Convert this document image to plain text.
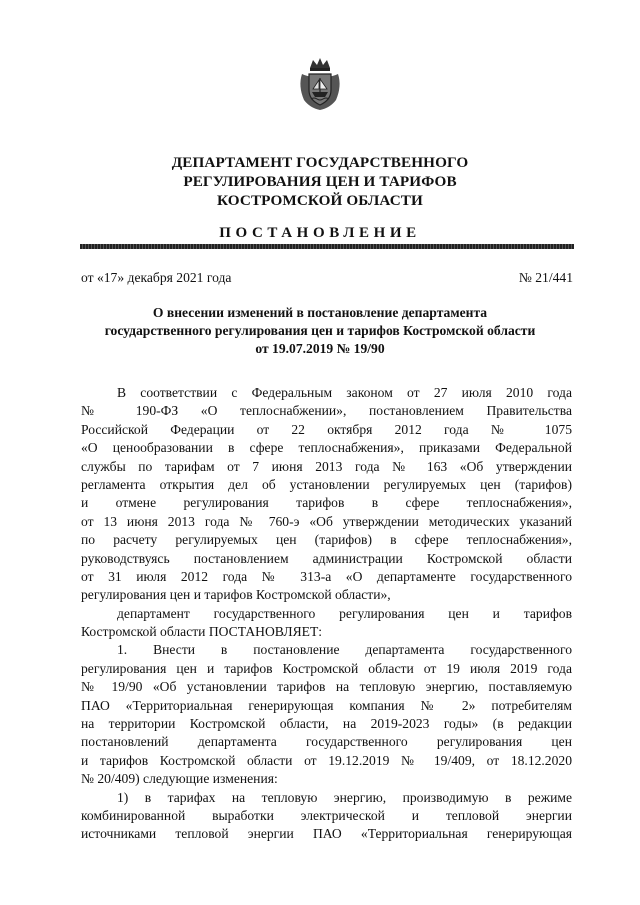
ДЕПАРТАМЕНТ ГОСУДАРСТВЕННОГО
РЕГУЛИРОВАНИЯ ЦЕН И ТАРИФОВ
КОСТРОМСКОЙ ОБЛАСТИ
ПОСТАНОВЛЕНИЕ
от «17» декабря 2021 года	№ 21/441
О внесении изменений в постановление департамента
государственного регулирования цен и тарифов Костромской области
от 19.07.2019 № 19/90
В соответствии с Федеральным законом от 27 июля 2010 года
№ 190-ФЗ «О теплоснабжении», постановлением Правительства
Российской Федерации от 22 октября 2012 года № 1075
«О ценообразовании в сфере теплоснабжения», приказами Федеральной
службы по тарифам от 7 июня 2013 года № 163 «Об утверждении
регламента открытия дел об установлении регулируемых цен (тарифов)
и отмене регулирования тарифов в сфере теплоснабжения»,
от 13 июня 2013 года № 760-э «Об утверждении методических указаний
по расчету регулируемых цен (тарифов) в сфере теплоснабжения»,
руководствуясь постановлением администрации Костромской области
от 31 июля 2012 года № 313-а «О департаменте государственного
регулирования цен и тарифов Костромской области»,
департамент государственного регулирования цен и тарифов
Костромской области ПОСТАНОВЛЯЕТ:
1. Внести в постановление департамента государственного
регулирования цен и тарифов Костромской области от 19 июля 2019 года
№ 19/90 «Об установлении тарифов на тепловую энергию, поставляемую
ПАО «Территориальная генерирующая компания № 2» потребителям
на территории Костромской области, на 2019-2023 годы» (в редакции
постановлений департамента государственного регулирования цен
и тарифов Костромской области от 19.12.2019 № 19/409, от 18.12.2020
№ 20/409) следующие изменения:
1) в тарифах на тепловую энергию, производимую в режиме
комбинированной выработки электрической и тепловой энергии
источниками тепловой энергии ПАО «Территориальная генерирующая
